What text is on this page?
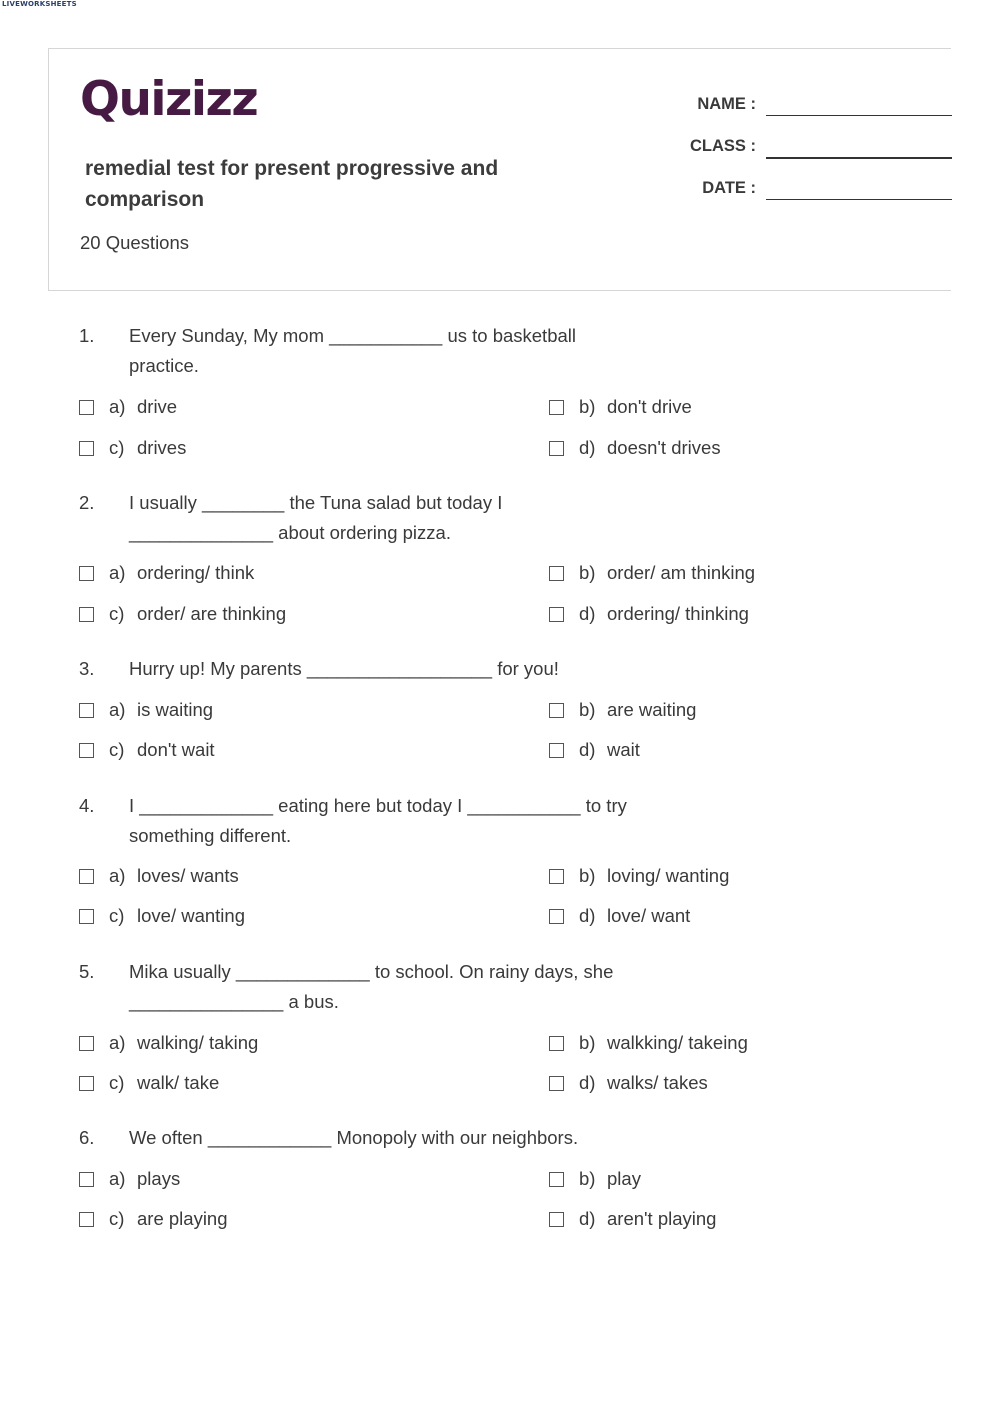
LIVEWORKSHEETS
Quizizz
remedial test for present progressive and comparison
20 Questions
NAME :
CLASS :
DATE :
1. Every Sunday, My mom ___________ us to basketball practice.
a) drive	b) don't drive
c) drives	d) doesn't drives
2. I usually ________ the Tuna salad but today I ______________ about ordering pizza.
a) ordering/ think	b) order/ am thinking
c) order/ are thinking	d) ordering/ thinking
3. Hurry up! My parents __________________ for you!
a) is waiting	b) are waiting
c) don't wait	d) wait
4. I _____________ eating here but today I ___________ to try something different.
a) loves/ wants	b) loving/ wanting
c) love/ wanting	d) love/ want
5. Mika usually _____________ to school. On rainy days, she _______________ a bus.
a) walking/ taking	b) walkking/ takeing
c) walk/ take	d) walks/ takes
6. We often ____________ Monopoly with our neighbors.
a) plays	b) play
c) are playing	d) aren't playing
